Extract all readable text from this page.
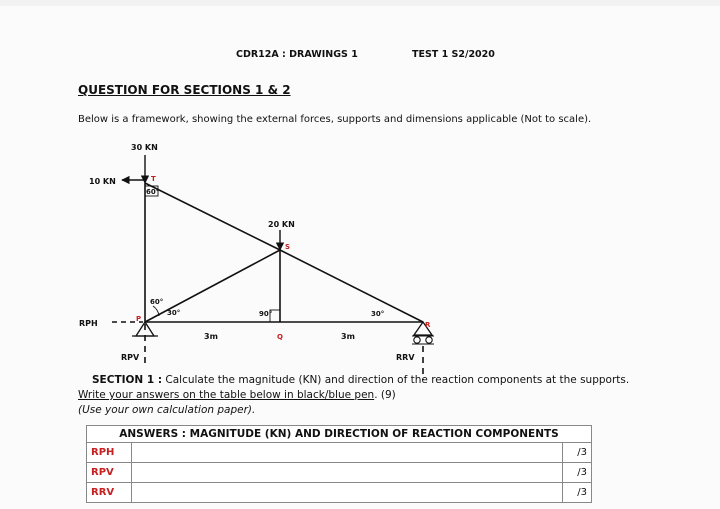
CDR12A : DRAWINGS 1	TEST 1 S2/2020
QUESTION FOR SECTIONS 1 & 2
Below is a framework, showing the external forces, supports and dimensions applicable (Not to scale).
30 KN
10 KN
20 KN
60°
60°
30°	90°	30°
3m	3m
RPH
RPV	RRV
T
S
P
Q
R
SECTION 1 : Calculate the magnitude (KN) and direction of the reaction components at the supports.
Write your answers on the table below in black/blue pen. (9)
(Use your own calculation paper).
ANSWERS : MAGNITUDE (KN) AND DIRECTION OF REACTION COMPONENTS		
RPH		/3
RPV		/3
RRV		/3
